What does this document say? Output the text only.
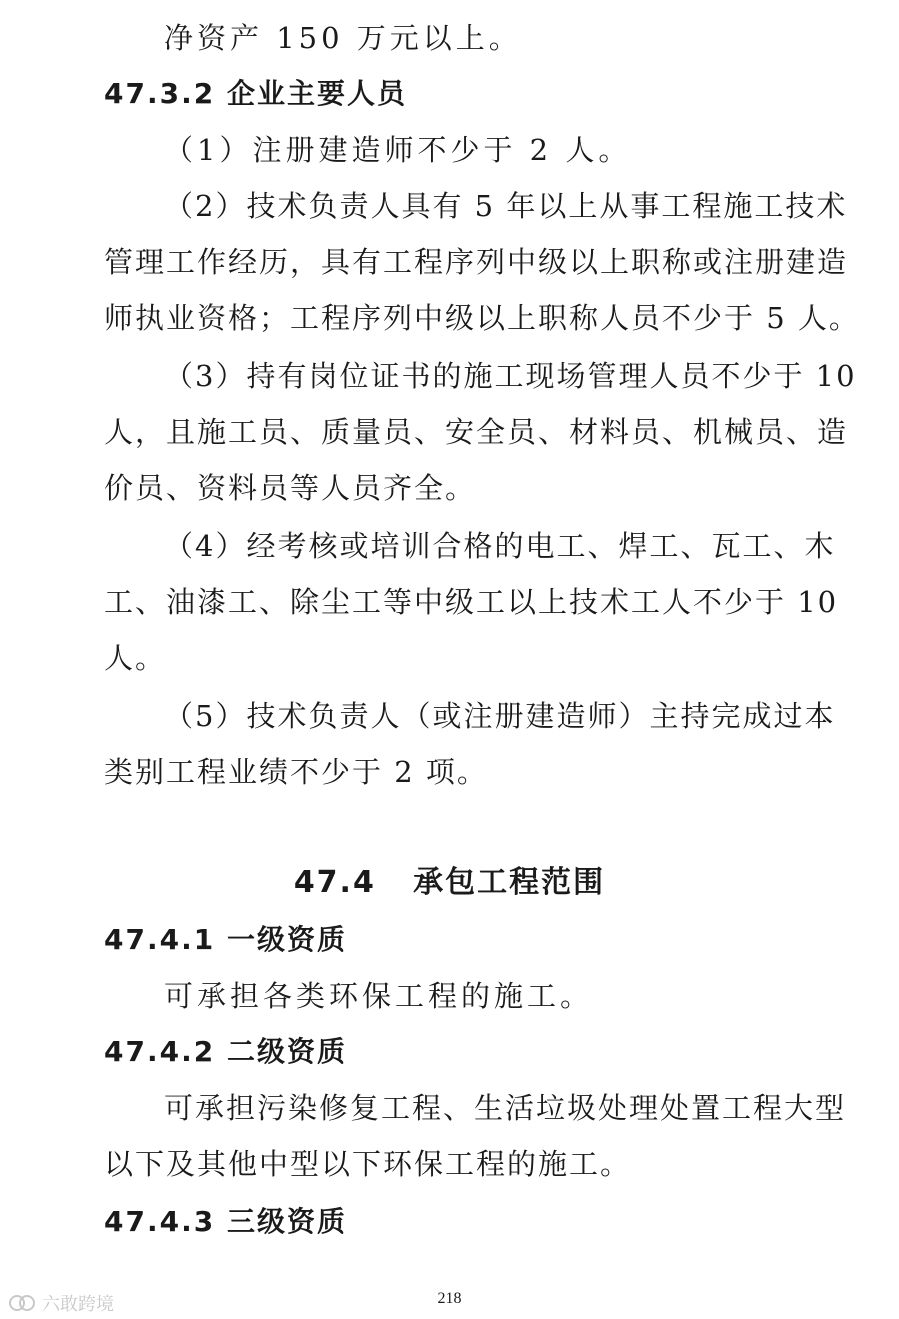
净资产 150 万元以上。
47.3.2 企业主要人员
（1）注册建造师不少于 2 人。
（2）技术负责人具有 5 年以上从事工程施工技术
管理工作经历，具有工程序列中级以上职称或注册建造
师执业资格；工程序列中级以上职称人员不少于 5 人。
（3）持有岗位证书的施工现场管理人员不少于 10
人，且施工员、质量员、安全员、材料员、机械员、造
价员、资料员等人员齐全。
（4）经考核或培训合格的电工、焊工、瓦工、木
工、油漆工、除尘工等中级工以上技术工人不少于 10
人。
（5）技术负责人（或注册建造师）主持完成过本
类别工程业绩不少于 2 项。
47.4   承包工程范围
47.4.1 一级资质
可承担各类环保工程的施工。
47.4.2 二级资质
可承担污染修复工程、生活垃圾处理处置工程大型
以下及其他中型以下环保工程的施工。
47.4.3 三级资质
218
六敢跨境
